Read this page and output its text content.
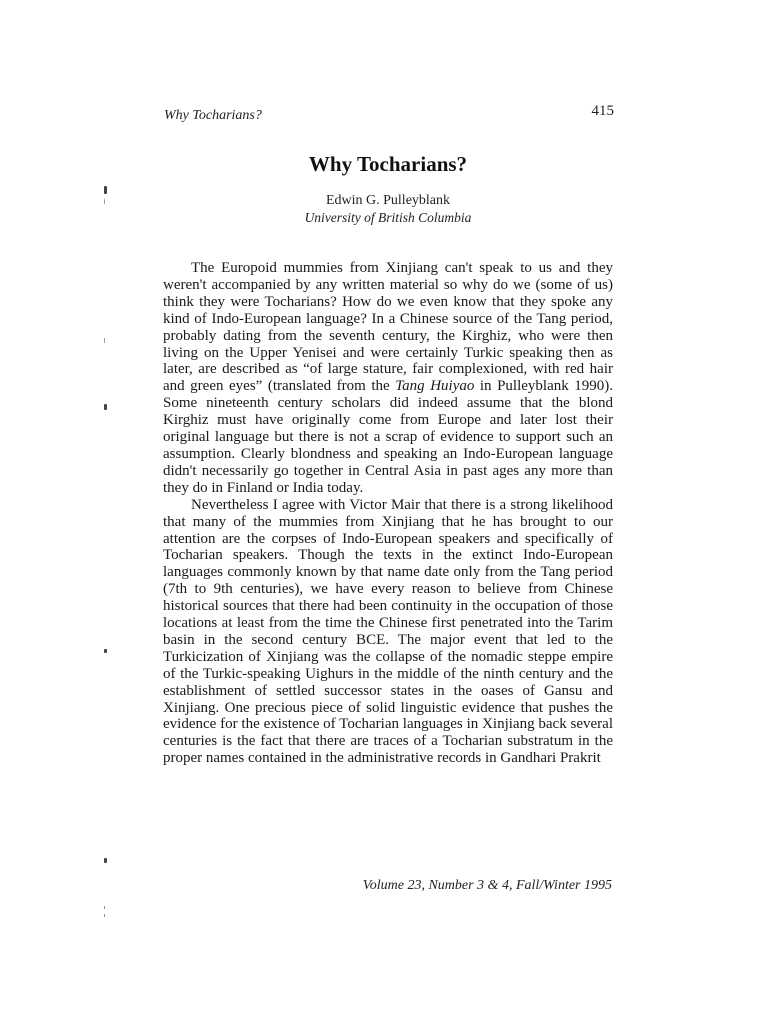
Why Tocharians?	415
Why Tocharians?
Edwin G. Pulleyblank
University of British Columbia

The Europoid mummies from Xinjiang can't speak to us and they weren't accompanied by any written material so why do we (some of us) think they were Tocharians? How do we even know that they spoke any kind of Indo-European language? In a Chinese source of the Tang period, probably dating from the seventh century, the Kirghiz, who were then living on the Upper Yenisei and were certainly Turkic speaking then as later, are described as “of large stature, fair complexioned, with red hair and green eyes” (translated from the Tang Huiyao in Pulleyblank 1990). Some nineteenth century scholars did indeed assume that the blond Kirghiz must have originally come from Europe and later lost their original language but there is not a scrap of evidence to support such an assumption. Clearly blondness and speaking an Indo-European language didn't necessarily go together in Central Asia in past ages any more than they do in Finland or India today.

Nevertheless I agree with Victor Mair that there is a strong likelihood that many of the mummies from Xinjiang that he has brought to our attention are the corpses of Indo-European speakers and specifically of Tocharian speakers. Though the texts in the extinct Indo-European languages commonly known by that name date only from the Tang period (7th to 9th centuries), we have every reason to believe from Chinese historical sources that there had been continuity in the occupation of those locations at least from the time the Chinese first penetrated into the Tarim basin in the second century BCE. The major event that led to the Turkicization of Xinjiang was the collapse of the nomadic steppe empire of the Turkic-speaking Uighurs in the middle of the ninth century and the establishment of settled successor states in the oases of Gansu and Xinjiang. One precious piece of solid linguistic evidence that pushes the evidence for the existence of Tocharian languages in Xinjiang back several centuries is the fact that there are traces of a Tocharian substratum in the proper names contained in the administrative records in Gandhari Prakrit

Volume 23, Number 3 & 4, Fall/Winter 1995
